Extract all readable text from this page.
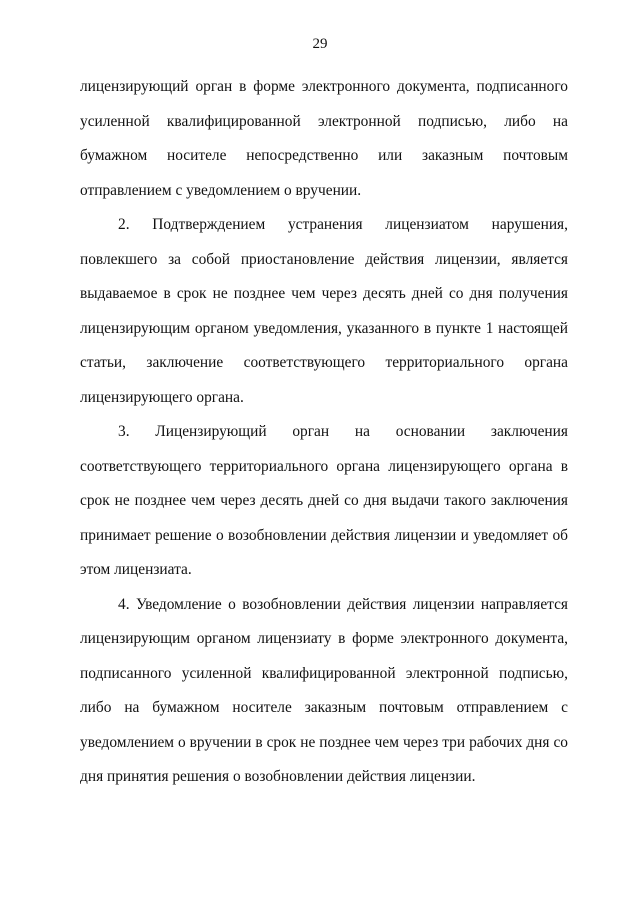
29

лицензирующий орган в форме электронного документа, подписанного усиленной квалифицированной электронной подписью, либо на бумажном носителе непосредственно или заказным почтовым отправлением с уведомлением о вручении.

2. Подтверждением устранения лицензиатом нарушения, повлекшего за собой приостановление действия лицензии, является выдаваемое в срок не позднее чем через десять дней со дня получения лицензирующим органом уведомления, указанного в пункте 1 настоящей статьи, заключение соответствующего территориального органа лицензирующего органа.

3. Лицензирующий орган на основании заключения соответствующего территориального органа лицензирующего органа в срок не позднее чем через десять дней со дня выдачи такого заключения принимает решение о возобновлении действия лицензии и уведомляет об этом лицензиата.

4. Уведомление о возобновлении действия лицензии направляется лицензирующим органом лицензиату в форме электронного документа, подписанного усиленной квалифицированной электронной подписью, либо на бумажном носителе заказным почтовым отправлением с уведомлением о вручении в срок не позднее чем через три рабочих дня со дня принятия решения о возобновлении действия лицензии.
